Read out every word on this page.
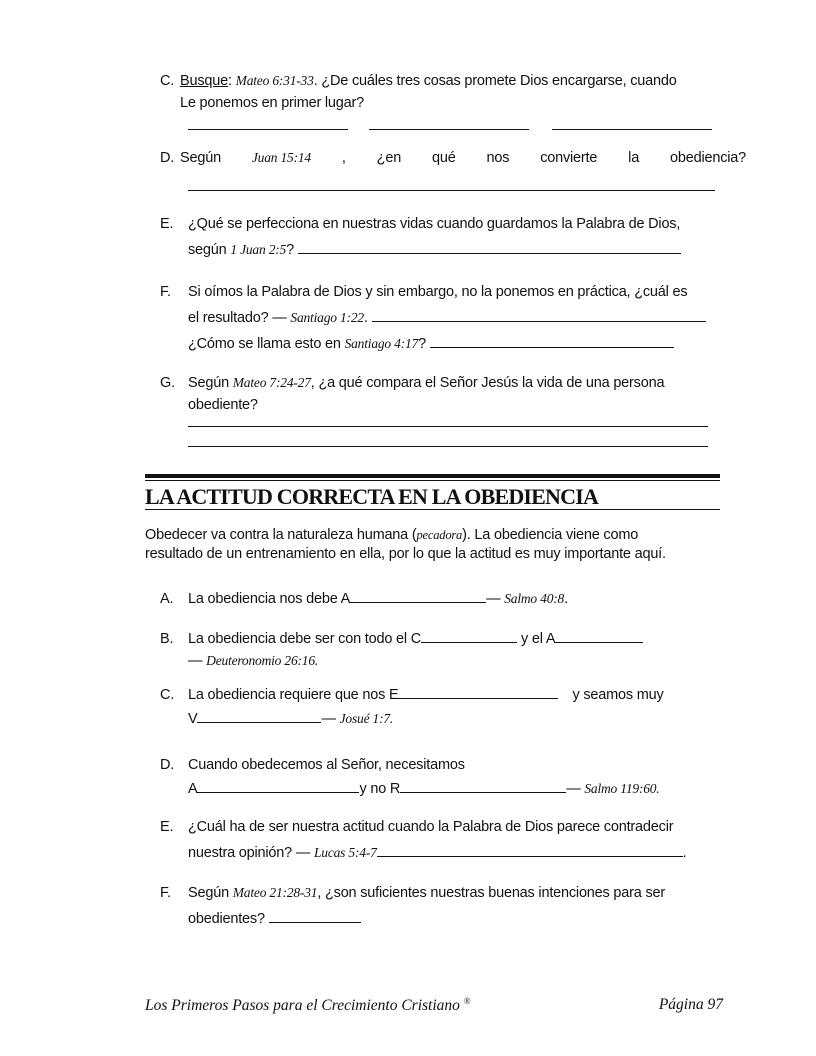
C. Busque: Mateo 6:31-33. ¿De cuáles tres cosas promete Dios encargarse, cuando
Le ponemos en primer lugar?
D. Según Juan 15:14 , ¿en qué nos convierte la obediencia?
E. ¿Qué se perfecciona en nuestras vidas cuando guardamos la Palabra de Dios,
según 1 Juan 2:5?
F. Si oímos la Palabra de Dios y sin embargo, no la ponemos en práctica, ¿cuál es
el resultado? — Santiago 1:22.
¿Cómo se llama esto en Santiago 4:17?
G. Según Mateo 7:24-27, ¿a qué compara el Señor Jesús la vida de una persona
obediente?
LA ACTITUD CORRECTA EN LA OBEDIENCIA
Obedecer va contra la naturaleza humana (pecadora). La obediencia viene como
resultado de un entrenamiento en ella, por lo que la actitud es muy importante aquí.
A. La obediencia nos debe A	— Salmo 40:8.
B. La obediencia debe ser con todo el C	y el A
— Deuteronomio 26:16.
C. La obediencia requiere que nos E	y seamos muy
V	— Josué 1:7.
D. Cuando obedecemos al Señor, necesitamos
A	y no R	— Salmo 119:60.
E. ¿Cuál ha de ser nuestra actitud cuando la Palabra de Dios parece contradecir
nuestra opinión? — Lucas 5:4-7	.
F. Según Mateo 21:28-31, ¿son suficientes nuestras buenas intenciones para ser
obedientes?
Los Primeros Pasos para el Crecimiento Cristiano ®	Página 97
